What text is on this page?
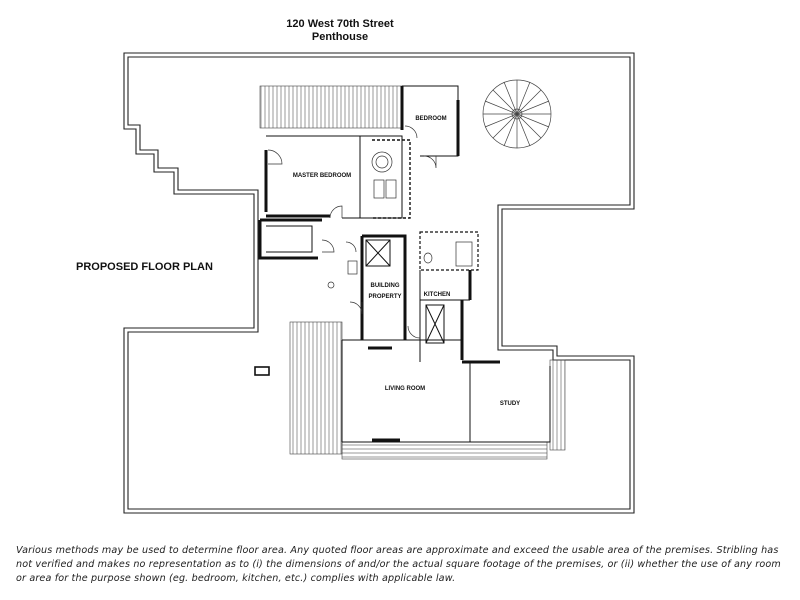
120 West 70th Street
Penthouse
BEDROOM
MASTER BEDROOM
BUILDING
PROPERTY	KITCHEN
LIVING ROOM
STUDY
PROPOSED FLOOR PLAN
Various methods may be used to determine floor area. Any quoted floor areas are approximate and exceed the usable area of the premises. Stribling has not verified and makes no representation as to (i) the dimensions of and/or the actual square footage of the premises, or (ii) whether the use of any room or area for the purpose shown (eg. bedroom, kitchen, etc.) complies with applicable law.
